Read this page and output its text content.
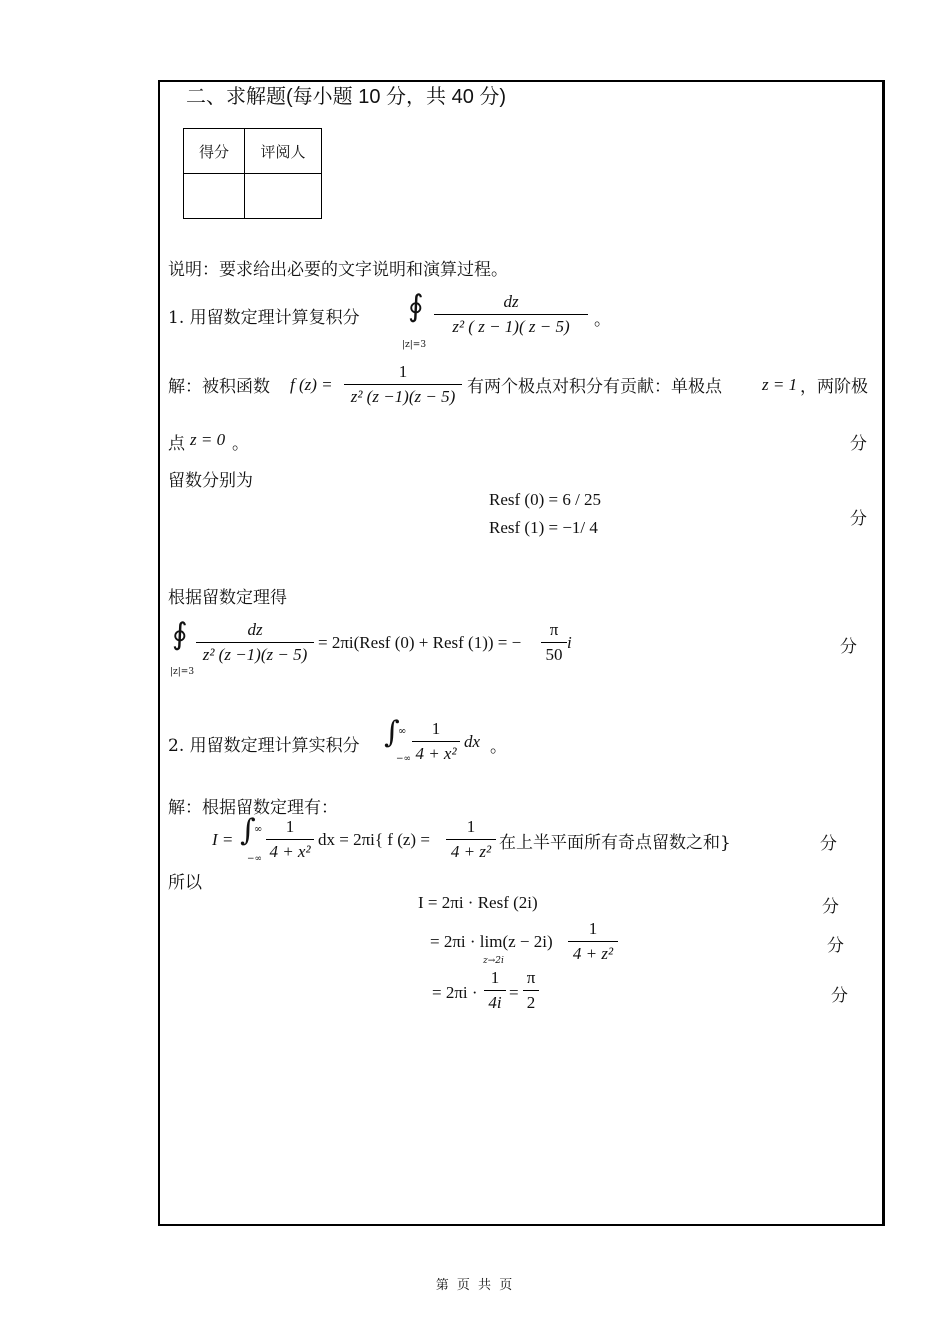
二、求解题(每小题 10 分，共 40 分)
得分	评阅人

说明：要求给出必要的文字说明和演算过程。
1. 用留数定理计算复积分 ∮
|z|=3
dz
z² ( z − 1)( z − 5)	。
解：被积函数 f (z) =
1
z² (z −1)(z − 5) 有两个极点对积分有贡献：单极点 z = 1 ，两阶极
点 z = 0 。	分
留数分别为
Resf (0) = 6 / 25
Resf (1) = −1/ 4	分
根据留数定理得
∮
|z|=3
dz
z² (z −1)(z − 5)
= 2πi(Resf (0) + Resf (1)) = −
π
50
i	分
2. 用留数定理计算实积分 ∫
∞
−∞
1
4 + x²
dx 。
解：根据留数定理有：
I = ∫
∞
−∞
1
4 + x²
dx = 2πi{ f (z) =
1
4 + z² 在上半平面所有奇点留数之和}	分
所以
I = 2πi · Resf (2i)	分
= 2πi · lim(z − 2i)
z→2i
1
4 + z²	分
= 2πi ·
1
4i
=
π
2	分
第 页 共 页
